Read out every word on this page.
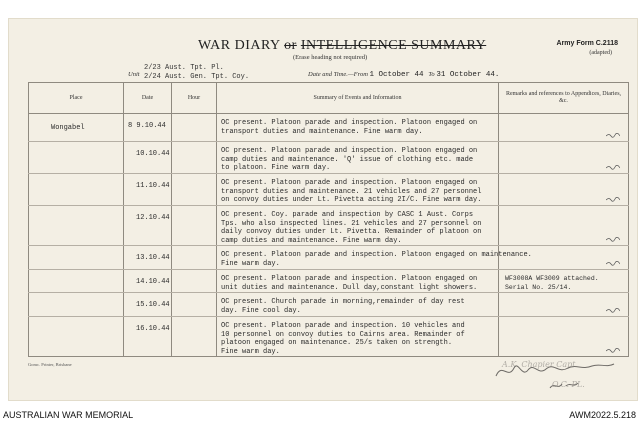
WAR DIARY or INTELLIGENCE SUMMARY
(Erase heading not required)
Army Form C.2118
(adapted)
Unit
2/23 Aust. Tpt. Pl.
2/24 Aust. Gen. Tpt. Coy.	Date and Time.—From 1 October 44 To 31 October 44.
Place	Date	Hour	Summary of Events and Information	Remarks and references to Appendices, Diaries, &c.
Wongabel	8 9.10.44		OC present. Platoon parade and inspection. Platoon engaged on
transport duties and maintenance. Fine warm day.	

	10.10.44		OC present. Platoon parade and inspection. Platoon engaged on
camp duties and maintenance. 'Q' issue of clothing etc. made
to platoon. Fine warm day.	

	11.10.44		OC present. Platoon parade and inspection. Platoon engaged on
transport duties and maintenance. 21 vehicles and 27 personnel
on convoy duties under Lt. Pivetta acting 2I/C. Fine warm day.	

	12.10.44		OC present. Coy. parade and inspection by CASC 1 Aust. Corps
Tps. who also inspected lines. 21 vehicles and 27 personnel on
daily convoy duties under Lt. Pivetta. Remainder of platoon on
camp duties and maintenance. Fine warm day.	

	13.10.44		OC present. Platoon parade and inspection. Platoon engaged on maintenance.
Fine warm day.	

	14.10.44		OC present. Platoon parade and inspection. Platoon engaged on
unit duties and maintenance. Dull day,constant light showers.	WF3008A WF3009 attached.
Serial No. 25/14.
	15.10.44		OC present. Church parade in morning,remainder of day rest
day. Fine cool day.	

	16.10.44		OC present. Platoon parade and inspection. 10 vehicles and
10 personnel on convoy duties to Cairns area. Remainder of
platoon engaged on maintenance. 25/s taken on strength.
Fine warm day.	
Gomc. Printer, Brisbane	A.K. Chapier Capt
O.C. PL.
AUSTRALIAN WAR MEMORIAL	AWM2022.5.218
